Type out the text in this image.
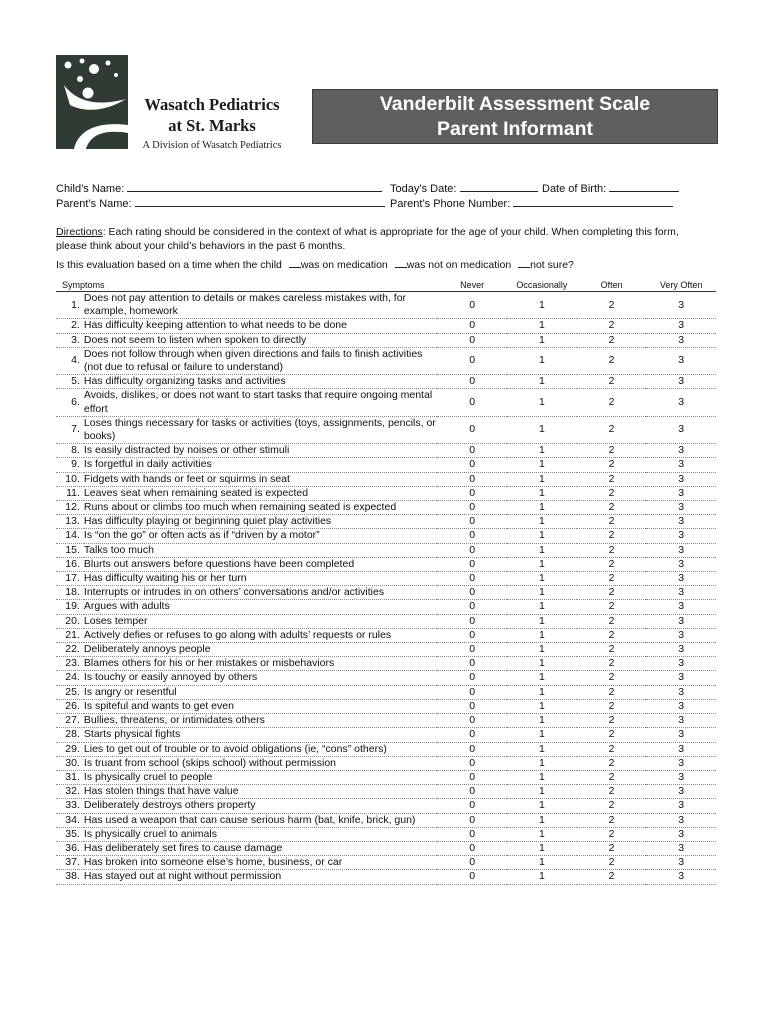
Wasatch Pediatrics
at St. Marks
A Division of Wasatch Pediatrics
Vanderbilt Assessment Scale
Parent Informant
Child’s Name:	Today’s Date:	Date of Birth:
Parent’s Name:	Parent’s Phone Number:
Directions: Each rating should be considered in the context of what is appropriate for the age of your child. When completing this form, please think about your child’s behaviors in the past 6 months.
Is this evaluation based on a time when the child was on medication was not on medication not sure?
Symptoms		Never	Occasionally	Often	Very Often
1.	Does not pay attention to details or makes careless mistakes with, for example, homework	0	1	2	3
2.	Has difficulty keeping attention to what needs to be done	0	1	2	3
3.	Does not seem to listen when spoken to directly	0	1	2	3
4.	Does not follow through when given directions and fails to finish activities (not due to refusal or failure to understand)	0	1	2	3
5.	Has difficulty organizing tasks and activities	0	1	2	3
6.	Avoids, dislikes, or does not want to start tasks that require ongoing mental effort	0	1	2	3
7.	Loses things necessary for tasks or activities (toys, assignments, pencils, or books)	0	1	2	3
8.	Is easily distracted by noises or other stimuli	0	1	2	3
9.	Is forgetful in daily activities	0	1	2	3
10.	Fidgets with hands or feet or squirms in seat	0	1	2	3
11.	Leaves seat when remaining seated is expected	0	1	2	3
12.	Runs about or climbs too much when remaining seated is expected	0	1	2	3
13.	Has difficulty playing or beginning quiet play activities	0	1	2	3
14.	Is “on the go” or often acts as if “driven by a motor”	0	1	2	3
15.	Talks too much	0	1	2	3
16.	Blurts out answers before questions have been completed	0	1	2	3
17.	Has difficulty waiting his or her turn	0	1	2	3
18.	Interrupts or intrudes in on others’ conversations and/or activities	0	1	2	3
19.	Argues with adults	0	1	2	3
20.	Loses temper	0	1	2	3
21.	Actively defies or refuses to go along with adults’ requests or rules	0	1	2	3
22.	Deliberately annoys people	0	1	2	3
23.	Blames others for his or her mistakes or misbehaviors	0	1	2	3
24.	Is touchy or easily annoyed by others	0	1	2	3
25.	Is angry or resentful	0	1	2	3
26.	Is spiteful and wants to get even	0	1	2	3
27.	Bullies, threatens, or intimidates others	0	1	2	3
28.	Starts physical fights	0	1	2	3
29.	Lies to get out of trouble or to avoid obligations (ie, “cons” others)	0	1	2	3
30.	Is truant from school (skips school) without permission	0	1	2	3
31.	Is physically cruel to people	0	1	2	3
32.	Has stolen things that have value	0	1	2	3
33.	Deliberately destroys others property	0	1	2	3
34.	Has used a weapon that can cause serious harm (bat, knife, brick, gun)	0	1	2	3
35.	Is physically cruel to animals	0	1	2	3
36.	Has deliberately set fires to cause damage	0	1	2	3
37.	Has broken into someone else’s home, business, or car	0	1	2	3
38.	Has stayed out at night without permission	0	1	2	3
